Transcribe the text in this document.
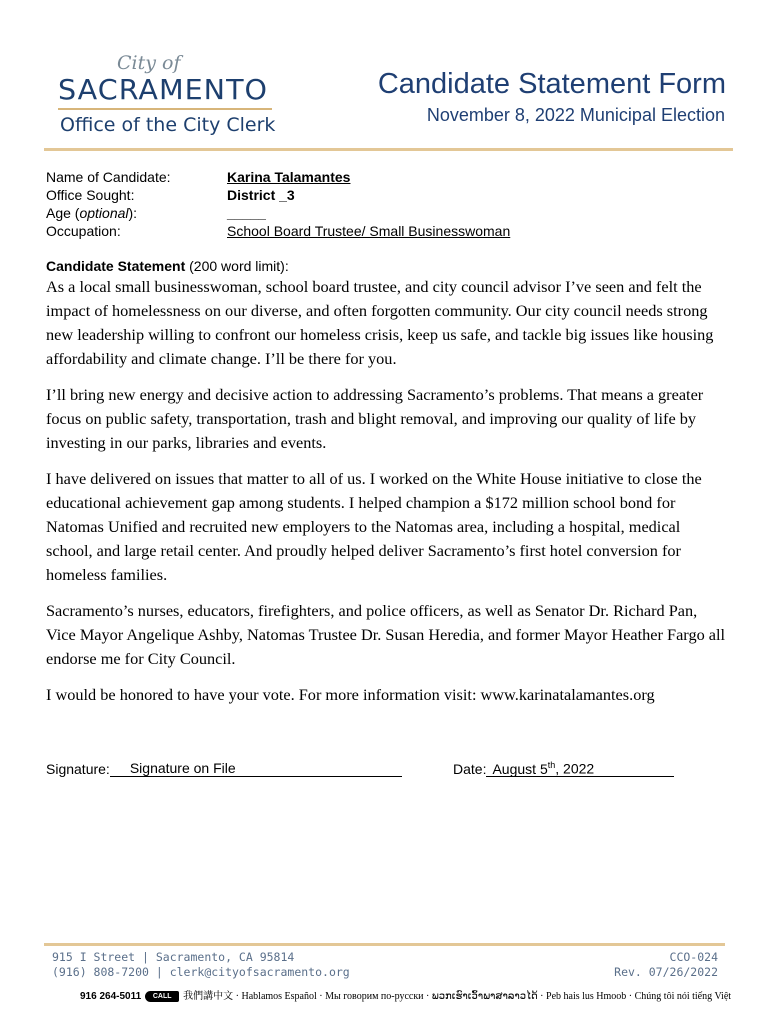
City of
SACRAMENTO
Office of the City Clerk
Candidate Statement Form
November 8, 2022 Municipal Election
Name of Candidate:	Karina Talamantes
Office Sought:	District _3
Age (optional):	_____
Occupation:	School Board Trustee/ Small Businesswoman
Candidate Statement (200 word limit):

As a local small businesswoman, school board trustee, and city council advisor I’ve seen and felt the impact of homelessness on our diverse, and often forgotten community. Our city council needs strong new leadership willing to confront our homeless crisis, keep us safe, and tackle big issues like housing affordability and climate change. I’ll be there for you.

I’ll bring new energy and decisive action to addressing Sacramento’s problems. That means a greater focus on public safety, transportation, trash and blight removal, and improving our quality of life by investing in our parks, libraries and events.

I have delivered on issues that matter to all of us. I worked on the White House initiative to close the educational achievement gap among students. I helped champion a $172 million school bond for Natomas Unified and recruited new employers to the Natomas area, including a hospital, medical school, and large retail center. And proudly helped deliver Sacramento’s first hotel conversion for homeless families.

Sacramento’s nurses, educators, firefighters, and police officers, as well as Senator Dr. Richard Pan, Vice Mayor Angelique Ashby, Natomas Trustee Dr. Susan Heredia, and former Mayor Heather Fargo all endorse me for City Council.

I would be honored to have your vote. For more information visit: www.karinatalamantes.org

Signature: Signature on File	Date: August 5th, 2022
915 I Street | Sacramento, CA 95814
(916) 808-7200 | clerk@cityofsacramento.org
CCO-024
Rev. 07/26/2022
916 264-5011 CALL 我們講中文 · Hablamos Español · Мы говорим по-русски · ພວກເຮົາເວົ້າພາສາລາວໄດ້ · Peb hais lus Hmoob · Chúng tôi nói tiếng Việt
